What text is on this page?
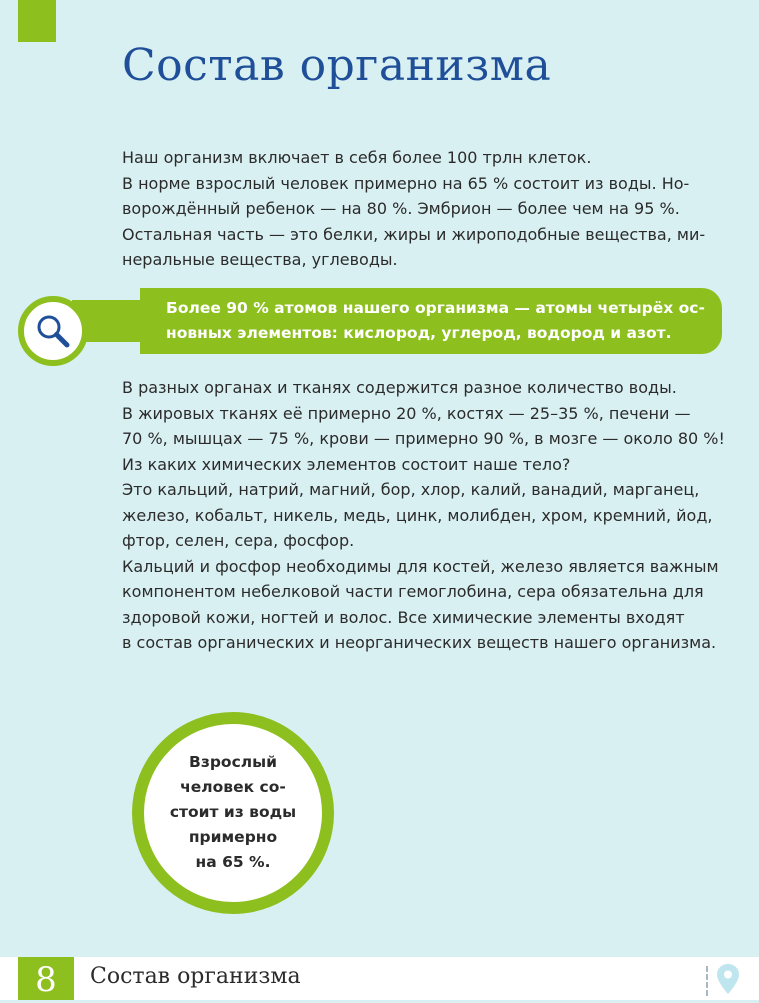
Состав организма

Наш организм включает в себя более 100 трлн клеток.

В норме взрослый человек примерно на 65 % состоит из воды. Но-

ворождённый ребенок — на 80 %. Эмбрион — более чем на 95 %.

Остальная часть — это белки, жиры и жироподобные вещества, ми-

неральные вещества, углеводы.

Более 90 % атомов нашего организма — атомы четырёх ос-

новных элементов: кислород, углерод, водород и азот.

В разных органах и тканях содержится разное количество воды.

В жировых тканях её примерно 20 %, костях — 25–35 %, печени —

70 %, мышцах — 75 %, крови — примерно 90 %, в мозге — около 80 %!

Из каких химических элементов состоит наше тело?

Это кальций, натрий, магний, бор, хлор, калий, ванадий, марганец,

железо, кобальт, никель, медь, цинк, молибден, хром, кремний, йод,

фтор, селен, сера, фосфор.

Кальций и фосфор необходимы для костей, железо является важным

компонентом небелковой части гемоглобина, сера обязательна для

здоровой кожи, ногтей и волос. Все химические элементы входят

в состав органических и неорганических веществ нашего организма.

Взрослый
человек со-
стоит из воды
примерно
на 65 %.
8	Состав организма
